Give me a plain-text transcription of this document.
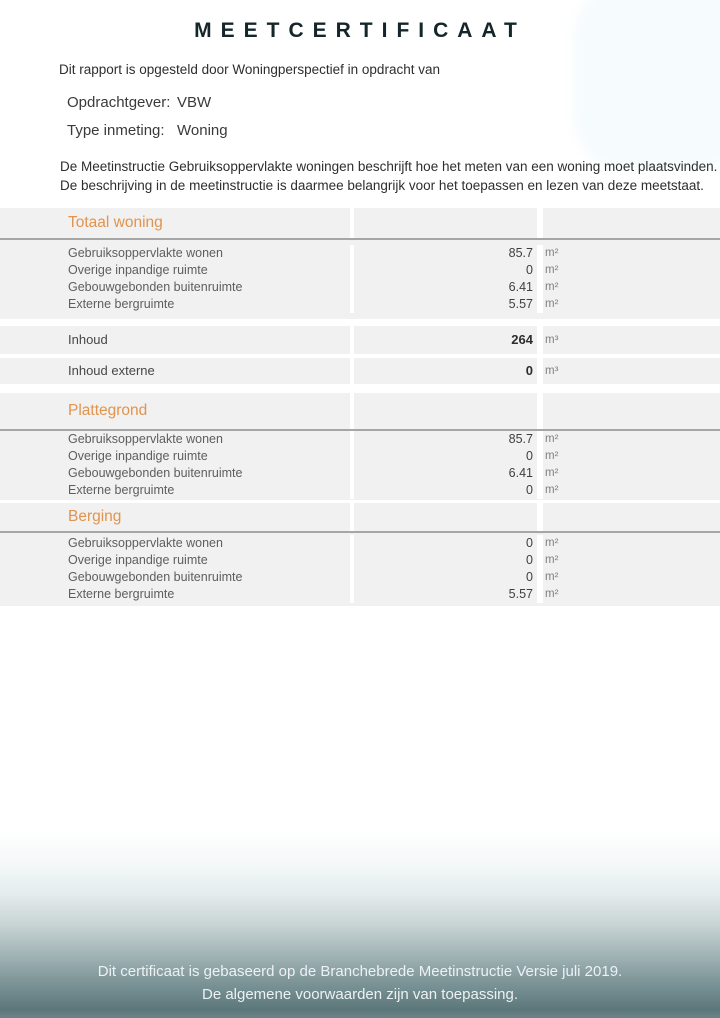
MEETCERTIFICAAT
Dit rapport is opgesteld door Woningperspectief in opdracht van
Opdrachtgever: VBW
Type inmeting: Woning
De Meetinstructie Gebruiksoppervlakte woningen beschrijft hoe het meten van een woning moet plaatsvinden.
De beschrijving in de meetinstructie is daarmee belangrijk voor het toepassen en lezen van deze meetstaat.
Totaal woning
Gebruiksoppervlakte wonen	85.7	m²
Overige inpandige ruimte	0	m²
Gebouwgebonden buitenruimte	6.41	m²
Externe bergruimte	5.57	m²
Inhoud	264	m³
Inhoud externe	0	m³
Plattegrond
Gebruiksoppervlakte wonen	85.7	m²
Overige inpandige ruimte	0	m²
Gebouwgebonden buitenruimte	6.41	m²
Externe bergruimte	0	m²
Berging
Gebruiksoppervlakte wonen	0	m²
Overige inpandige ruimte	0	m²
Gebouwgebonden buitenruimte	0	m²
Externe bergruimte	5.57	m²
Dit certificaat is gebaseerd op de Branchebrede Meetinstructie Versie juli 2019.
De algemene voorwaarden zijn van toepassing.
